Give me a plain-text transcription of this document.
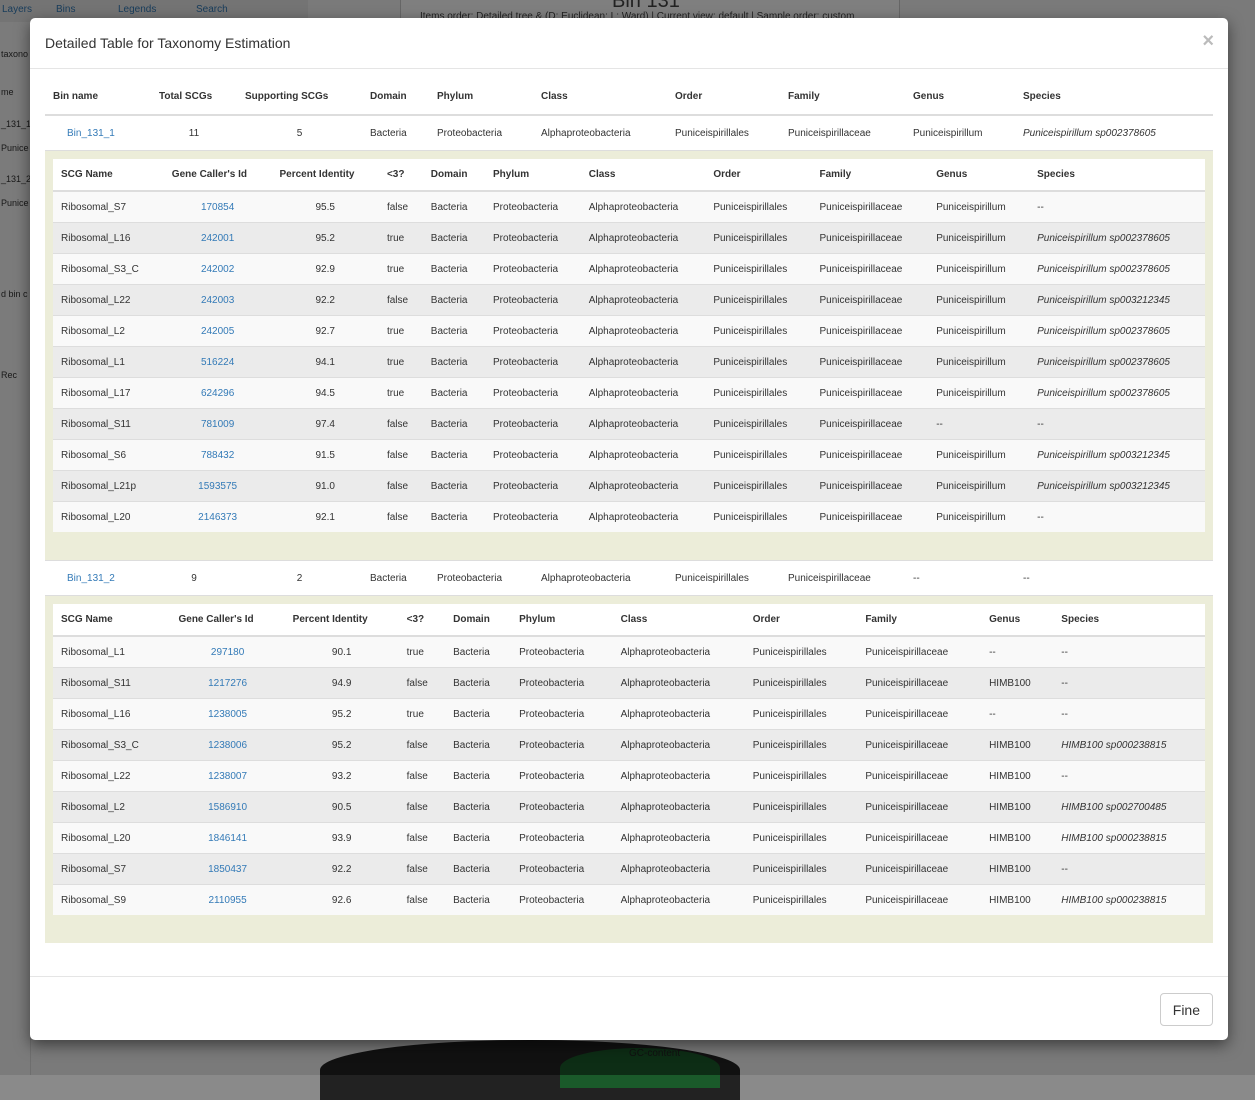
Detailed Table for Taxonomy Estimation	×
Bin name	Total SCGs	Supporting SCGs	Domain	Phylum	Class	Order	Family	Genus	Species
Bin_131_1	11	5	Bacteria	Proteobacteria	Alphaproteobacteria	Puniceispirillales	Puniceispirillaceae	Puniceispirillum	Puniceispirillum sp002378605

SCG Name	Gene Caller's Id	Percent Identity	<3?	Domain	Phylum	Class	Order	Family	Genus	Species
Ribosomal_S7	170854	95.5	false	Bacteria	Proteobacteria	Alphaproteobacteria	Puniceispirillales	Puniceispirillaceae	Puniceispirillum	--
Ribosomal_L16	242001	95.2	true	Bacteria	Proteobacteria	Alphaproteobacteria	Puniceispirillales	Puniceispirillaceae	Puniceispirillum	Puniceispirillum sp002378605
Ribosomal_S3_C	242002	92.9	true	Bacteria	Proteobacteria	Alphaproteobacteria	Puniceispirillales	Puniceispirillaceae	Puniceispirillum	Puniceispirillum sp002378605
Ribosomal_L22	242003	92.2	false	Bacteria	Proteobacteria	Alphaproteobacteria	Puniceispirillales	Puniceispirillaceae	Puniceispirillum	Puniceispirillum sp003212345
Ribosomal_L2	242005	92.7	true	Bacteria	Proteobacteria	Alphaproteobacteria	Puniceispirillales	Puniceispirillaceae	Puniceispirillum	Puniceispirillum sp002378605
Ribosomal_L1	516224	94.1	true	Bacteria	Proteobacteria	Alphaproteobacteria	Puniceispirillales	Puniceispirillaceae	Puniceispirillum	Puniceispirillum sp002378605
Ribosomal_L17	624296	94.5	true	Bacteria	Proteobacteria	Alphaproteobacteria	Puniceispirillales	Puniceispirillaceae	Puniceispirillum	Puniceispirillum sp002378605
Ribosomal_S11	781009	97.4	false	Bacteria	Proteobacteria	Alphaproteobacteria	Puniceispirillales	Puniceispirillaceae	--	--
Ribosomal_S6	788432	91.5	false	Bacteria	Proteobacteria	Alphaproteobacteria	Puniceispirillales	Puniceispirillaceae	Puniceispirillum	Puniceispirillum sp003212345
Ribosomal_L21p	1593575	91.0	false	Bacteria	Proteobacteria	Alphaproteobacteria	Puniceispirillales	Puniceispirillaceae	Puniceispirillum	Puniceispirillum sp003212345
Ribosomal_L20	2146373	92.1	false	Bacteria	Proteobacteria	Alphaproteobacteria	Puniceispirillales	Puniceispirillaceae	Puniceispirillum	--

Bin_131_2	9	2	Bacteria	Proteobacteria	Alphaproteobacteria	Puniceispirillales	Puniceispirillaceae	--	--

SCG Name	Gene Caller's Id	Percent Identity	<3?	Domain	Phylum	Class	Order	Family	Genus	Species
Ribosomal_L1	297180	90.1	true	Bacteria	Proteobacteria	Alphaproteobacteria	Puniceispirillales	Puniceispirillaceae	--	--
Ribosomal_S11	1217276	94.9	false	Bacteria	Proteobacteria	Alphaproteobacteria	Puniceispirillales	Puniceispirillaceae	HIMB100	--
Ribosomal_L16	1238005	95.2	true	Bacteria	Proteobacteria	Alphaproteobacteria	Puniceispirillales	Puniceispirillaceae	--	--
Ribosomal_S3_C	1238006	95.2	false	Bacteria	Proteobacteria	Alphaproteobacteria	Puniceispirillales	Puniceispirillaceae	HIMB100	HIMB100 sp000238815
Ribosomal_L22	1238007	93.2	false	Bacteria	Proteobacteria	Alphaproteobacteria	Puniceispirillales	Puniceispirillaceae	HIMB100	--
Ribosomal_L2	1586910	90.5	false	Bacteria	Proteobacteria	Alphaproteobacteria	Puniceispirillales	Puniceispirillaceae	HIMB100	HIMB100 sp002700485
Ribosomal_L20	1846141	93.9	false	Bacteria	Proteobacteria	Alphaproteobacteria	Puniceispirillales	Puniceispirillaceae	HIMB100	HIMB100 sp000238815
Ribosomal_S7	1850437	92.2	false	Bacteria	Proteobacteria	Alphaproteobacteria	Puniceispirillales	Puniceispirillaceae	HIMB100	--
Ribosomal_S9	2110955	92.6	false	Bacteria	Proteobacteria	Alphaproteobacteria	Puniceispirillales	Puniceispirillaceae	HIMB100	HIMB100 sp000238815
Fine
